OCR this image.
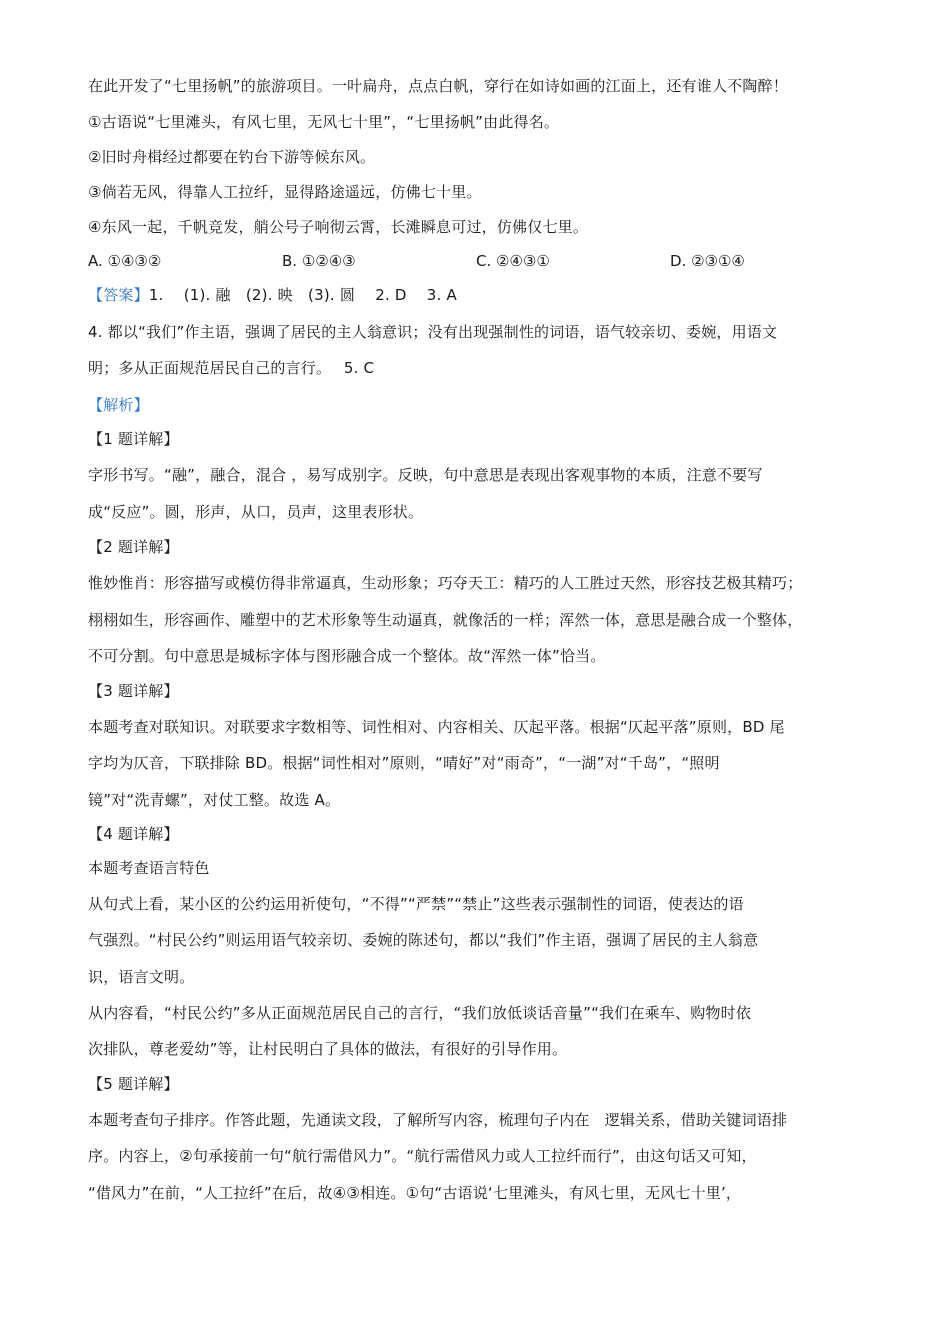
在此开发了“七里扬帆”的旅游项目。一叶扁舟，点点白帆，穿行在如诗如画的江面上，还有谁人不陶醉！
①古语说“七里滩头，有风七里，无风七十里”，“七里扬帆”由此得名。
②旧时舟楫经过都要在钓台下游等候东风。
③倘若无风，得靠人工拉纤，显得路途遥远，仿佛七十里。
④东风一起，千帆竞发，艄公号子响彻云霄，长滩瞬息可过，仿佛仅七里。
A. ①④③②	B. ①②④③	C. ②④③①	D. ②③①④
【答案】1.　 (1). 融　(2). 映　(3). 圆　 2. D　 3. A
4. 都以“我们”作主语，强调了居民的主人翁意识；没有出现强制性的词语，语气较亲切、委婉，用语文
明；多从正面规范居民自己的言行。　 5. C
【解析】
【1 题详解】
字形书写。“融”，融合，混合 ，易写成别字。反映，句中意思是表现出客观事物的本质，注意不要写
成“反应”。圆，形声，从口，员声，这里表形状。
【2 题详解】
惟妙惟肖：形容描写或模仿得非常逼真，生动形象；巧夺天工：精巧的人工胜过天然，形容技艺极其精巧；
栩栩如生，形容画作、雕塑中的艺术形象等生动逼真，就像活的一样；浑然一体，意思是融合成一个整体，
不可分割。句中意思是城标字体与图形融合成一个整体。故“浑然一体”恰当。
【3 题详解】
本题考查对联知识。对联要求字数相等、词性相对、内容相关、仄起平落。根据“仄起平落”原则，BD 尾
字均为仄音，下联排除 BD。根据“词性相对”原则，“晴好”对“雨奇”，“一湖”对“千岛”，“照明
镜”对“洗青螺”，对仗工整。故选 A。
【4 题详解】
本题考查语言特色
从句式上看，某小区的公约运用祈使句，“不得”“严禁”“禁止”这些表示强制性的词语，使表达的语
气强烈。“村民公约”则运用语气较亲切、委婉的陈述句，都以“我们”作主语，强调了居民的主人翁意
识，语言文明。
从内容看，“村民公约”多从正面规范居民自己的言行，“我们放低谈话音量”“我们在乘车、购物时依
次排队，尊老爱幼”等，让村民明白了具体的做法，有很好的引导作用。
【5 题详解】
本题考查句子排序。作答此题，先通读文段，了解所写内容，梳理句子内在　逻辑关系，借助关键词语排
序。内容上，②句承接前一句“航行需借风力”。“航行需借风力或人工拉纤而行”，由这句话又可知，
“借风力”在前，“人工拉纤”在后，故④③相连。①句“古语说‘七里滩头，有风七里，无风七十里’，
